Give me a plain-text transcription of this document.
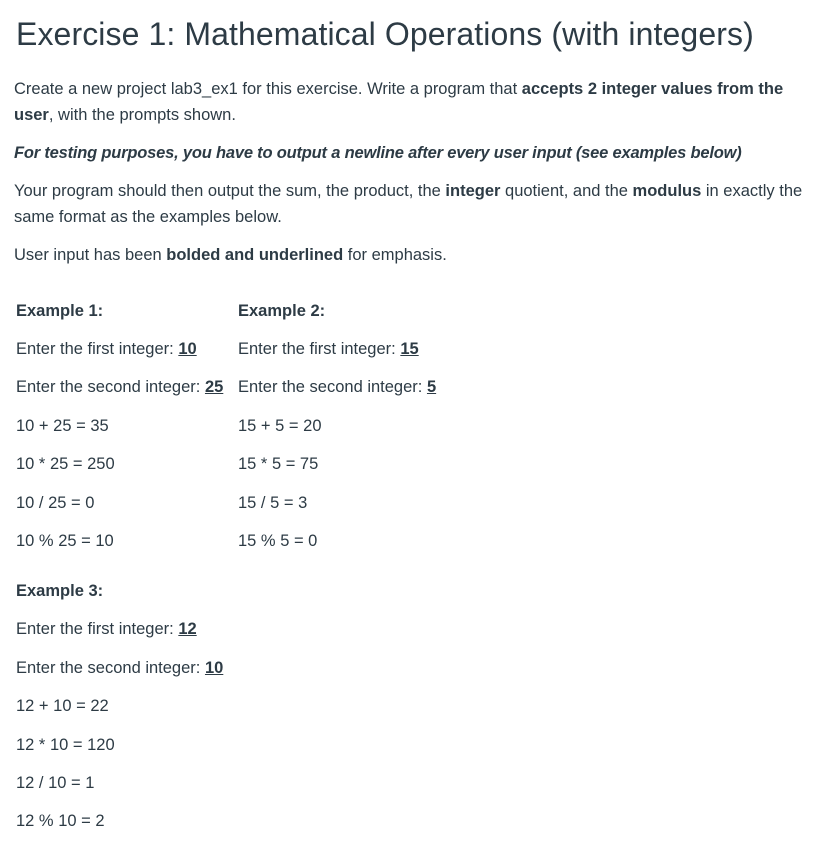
Exercise 1: Mathematical Operations (with integers)

Create a new project lab3_ex1 for this exercise. Write a program that accepts 2 integer values from the user, with the prompts shown.

For testing purposes, you have to output a newline after every user input (see examples below)

Your program should then output the sum, the product, the integer quotient, and the modulus in exactly the same format as the examples below.

User input has been bolded and underlined for emphasis.

Example 1:	Example 2:
Enter the first integer: 10	Enter the first integer: 15
Enter the second integer: 25	Enter the second integer: 5
10 + 25 = 35	15 + 5 = 20
10 * 25 = 250	15 * 5 = 75
10 / 25 = 0	15 / 5 = 3
10 % 25 = 10	15 % 5 = 0
Example 3:
Enter the first integer: 12
Enter the second integer: 10
12 + 10 = 22
12 * 10 = 120
12 / 10 = 1
12 % 10 = 2
